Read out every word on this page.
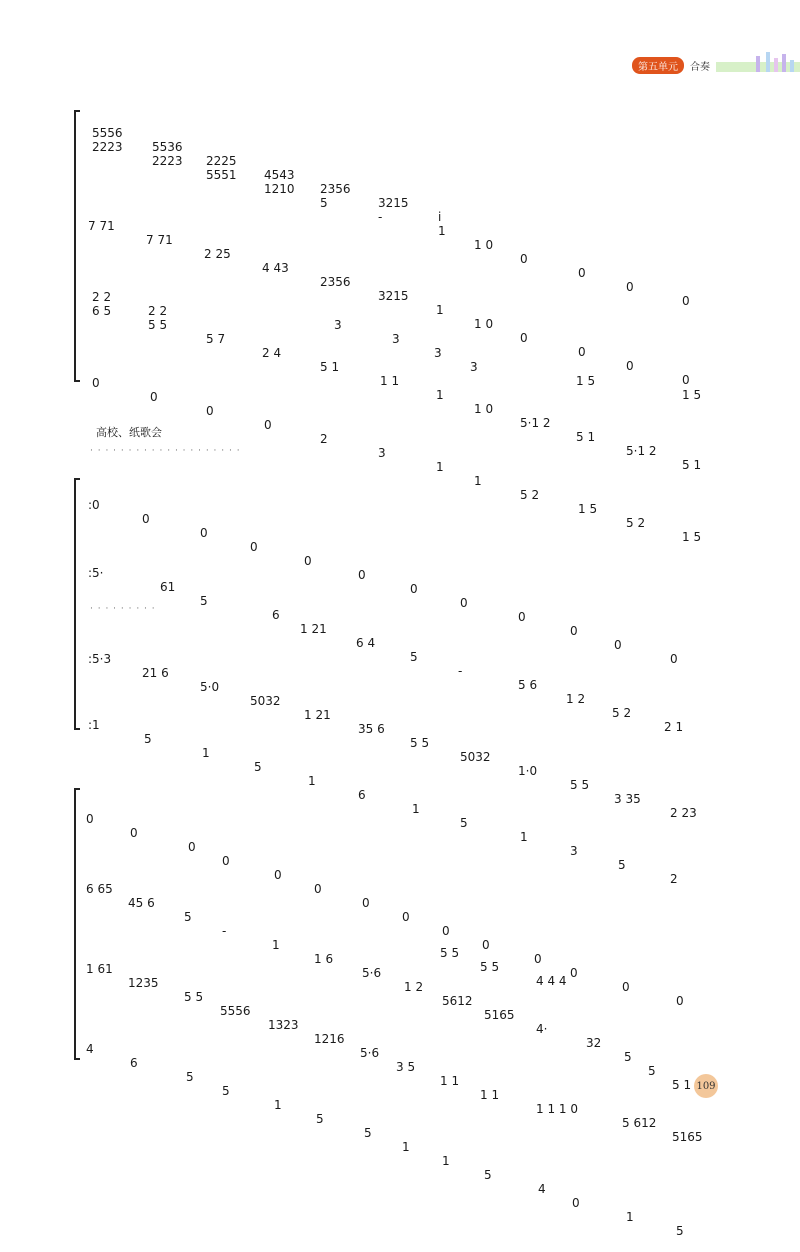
第五单元	合奏

5556

5536

2225

4543

2356

3215

i

2223

2223

5551

1210

5

-

1

1 0

0

0

0

0

7 71

7 71

2 25

4 43

2356

3215

1

1 0

0

0

0

0

2 2

2 2

3

3

3

3

1 5

1 5

6 5

5 5

5 7

2 4

5 1

1 1

1

1 0

5·1 2

5 1

5·1 2

5 1

0

0

0

0

2

3

1

1

5 2

1 5

5 2

1 5

高校、纸歌会
· · · · · · · · · · · · · · · · · · · ·

:0

0

0

0

0

0

0

0

0

0

0

0

:5·

61

5

6

1 21

6 4

5

-

5 6

1 2

5 2

2 1

· · · · · · · · ·

:5·3

21 6

5·0

5032

1 21

35 6

5 5

5032

1·0

5 5

3 35

2 23

:1

5

1

5

1

6

1

5

1

3

5

2

0

0

0

0

0

0

0

0

0

0

0

0

0

0

6 65

45 6

5

-

1

1 6

5·6

1 2

5612

5165

4·

32

5

5

5 1

5 5

5 5

4 4 4

1 61

1235

5 5

5556

1323

1216

5·6

3 5

1 1

1 1

1 1 1 0

5 612

5165

4

6

5

5

1

5

5

1

1

5

4

0

1

5

109
